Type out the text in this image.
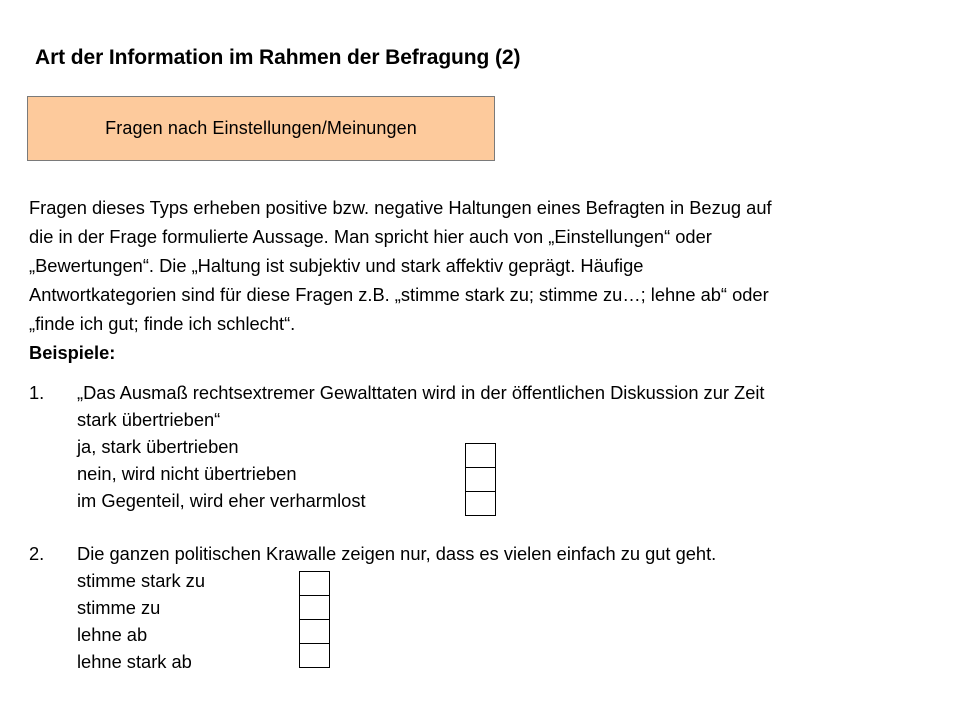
Art der Information im Rahmen der Befragung (2)
Fragen nach Einstellungen/Meinungen

Fragen dieses Typs erheben positive bzw. negative Haltungen eines Befragten in Bezug auf

die in der Frage formulierte Aussage. Man spricht hier auch von „Einstellungen“ oder

„Bewertungen“. Die „Haltung ist subjektiv und stark affektiv geprägt. Häufige

Antwortkategorien sind für diese Fragen z.B. „stimme stark zu; stimme zu…; lehne ab“ oder

„finde ich gut; finde ich schlecht“.

Beispiele:

1.	„Das Ausmaß rechtsextremer Gewalttaten wird in der öffentlichen Diskussion zur Zeit
stark übertrieben“
ja, stark übertrieben
nein, wird nicht übertrieben
im Gegenteil, wird eher verharmlost
2.	Die ganzen politischen Krawalle zeigen nur, dass es vielen einfach zu gut geht.
stimme stark zu
stimme zu
lehne ab
lehne stark ab
